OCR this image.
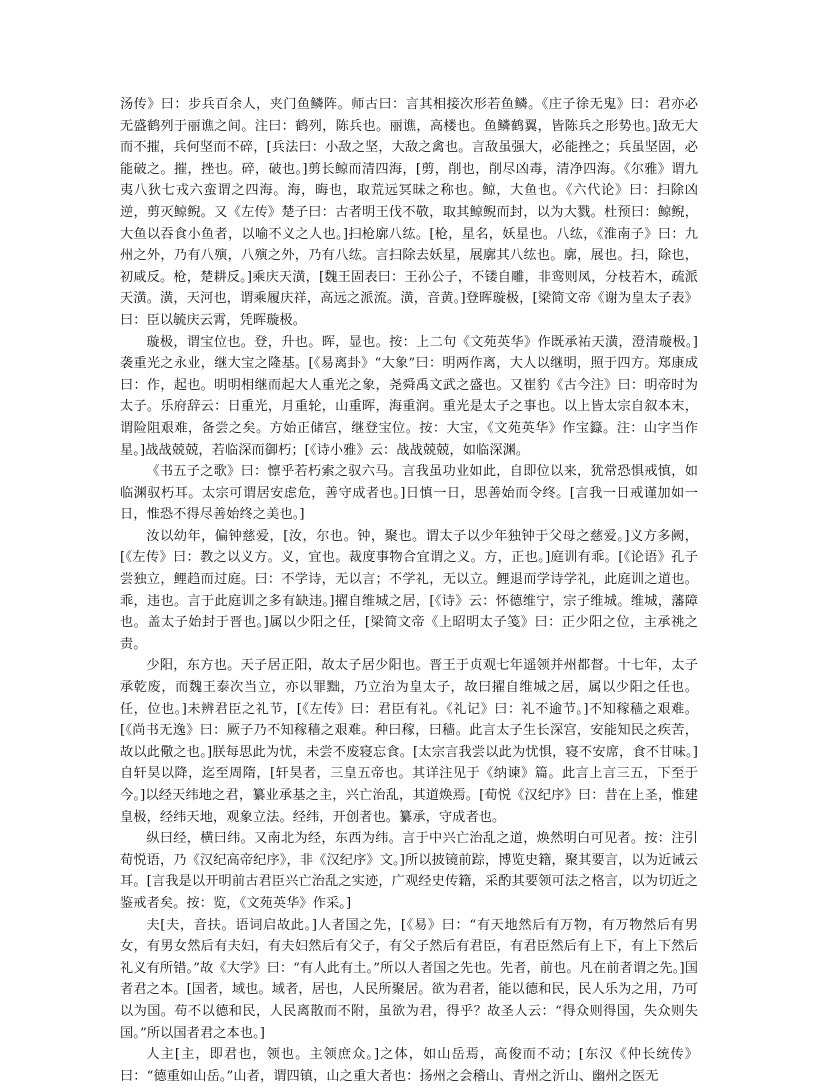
汤传》曰：步兵百余人，夹门鱼鳞阵。师古曰：言其相接次形若鱼鳞。《庄子徐无鬼》曰：君亦必无盛鹤列于丽谯之间。注曰：鹤列，陈兵也。丽谯，高楼也。鱼鳞鹤翼，皆陈兵之形势也。]敌无大而不摧，兵何坚而不碎，[兵法曰：小敌之坚，大敌之禽也。言敌虽强大，必能挫之；兵虽坚固，必能破之。摧，挫也。碎，破也。]剪长鲸而清四海，[剪，削也，削尽凶毒，清净四海。《尔雅》谓九夷八狄七戎六蛮谓之四海。海，晦也，取荒远冥昧之称也。鲸，大鱼也。《六代论》曰：扫除凶逆，剪灭鲸鲵。又《左传》楚子曰：古者明王伐不敬，取其鲸鲵而封，以为大戮。杜预曰：鲸鲵，大鱼以吞食小鱼者，以喻不义之人也。]扫枪廓八纮。[枪，星名，妖星也。八纮，《淮南子》曰：九州之外，乃有八殥，八殥之外，乃有八纮。言扫除去妖星，展廓其八纮也。廓，展也。扫，除也，初咸反。枪，楚耕反。]乘庆天潢，[魏王固表曰：王孙公子，不镂自雕，非鸾则凤，分枝若木，疏派天潢。潢，天河也，谓乘履庆祥，高远之派流。潢，音黄。]登晖璇极，[梁简文帝《谢为皇太子表》曰：臣以毓庆云霄，凭晖璇极。

璇极，谓宝位也。登，升也。晖，显也。按：上二句《文苑英华》作既承祐天潢，澄清璇极。]袭重光之永业，继大宝之隆基。[《易离卦》“大象”曰：明两作离，大人以继明，照于四方。郑康成曰：作，起也。明明相继而起大人重光之象，尧舜禹文武之盛也。又崔豹《古今注》曰：明帝时为太子。乐府辞云：日重光，月重轮，山重晖，海重润。重光是太子之事也。以上皆太宗自叙本末，谓险阻艰难，备尝之矣。方始正储宫，继登宝位。按：大宝，《文苑英华》作宝籙。注：山字当作星。]战战兢兢，若临深而御朽；[《诗小雅》云：战战兢兢，如临深渊。

《书五子之歌》曰：懔乎若朽索之驭六马。言我虽功业如此，自即位以来，犹常恐惧戒慎，如临渊驭朽耳。太宗可谓居安虑危，善守成者也。]日慎一日，思善始而令终。[言我一日戒谨加如一日，惟恐不得尽善始终之美也。]

汝以幼年，偏钟慈爱，[汝，尔也。钟，聚也。谓太子以少年独钟于父母之慈爱。]义方多阙，[《左传》曰：教之以义方。义，宜也。裁度事物合宜谓之义。方，正也。]庭训有乖。[《论语》孔子尝独立，鲤趋而过庭。曰：不学诗，无以言；不学礼，无以立。鲤退而学诗学礼，此庭训之道也。乖，违也。言于此庭训之多有缺违。]擢自维城之居，[《诗》云：怀德维宁，宗子维城。维城，藩障也。盖太子始封于晋也。]属以少阳之任，[梁简文帝《上昭明太子笺》曰：正少阳之位，主承祧之责。

少阳，东方也。天子居正阳，故太子居少阳也。晋王于贞观七年遥领并州都督。十七年，太子承乾废，而魏王泰次当立，亦以罪黜，乃立治为皇太子，故曰擢自维城之居，属以少阳之任也。任，位也。]未辨君臣之礼节，[《左传》曰：君臣有礼。《礼记》曰：礼不逾节。]不知稼穑之艰难。[《尚书无逸》曰：厥子乃不知稼穑之艰难。种曰稼，曰穑。此言太子生长深宫，安能知民之疾苦，故以此儆之也。]朕每思此为忧，未尝不废寝忘食。[太宗言我尝以此为忧惧，寝不安席，食不甘味。]自轩昊以降，迄至周隋，[轩昊者，三皇五帝也。其详注见于《纳谏》篇。此言上言三五，下至于今。]以经天纬地之君，纂业承基之主，兴亡治乱，其道焕焉。[荀悦《汉纪序》曰：昔在上圣，惟建皇极，经纬天地，观象立法。经纬，开创者也。纂承，守成者也。

纵曰经，横曰纬。又南北为经，东西为纬。言于中兴亡治乱之道，焕然明白可见者。按：注引荀悦语，乃《汉纪高帝纪序》，非《汉纪序》文。]所以披镜前踪，博览史籍，聚其要言，以为近诫云耳。[言我是以开明前古君臣兴亡治乱之实迹，广观经史传籍，采酌其要领可法之格言，以为切近之鉴戒者矣。按：览，《文苑英华》作采。]

夫[夫，音扶。语词启故此。]人者国之先，[《易》曰：“有天地然后有万物，有万物然后有男女，有男女然后有夫妇，有夫妇然后有父子，有父子然后有君臣，有君臣然后有上下，有上下然后礼义有所错。”故《大学》曰：“有人此有土。”所以人者国之先也。先者，前也。凡在前者谓之先。]国者君之本。[国者，域也。域者，居也，人民所聚居。欲为君者，能以德和民，民人乐为之用，乃可以为国。苟不以德和民，人民离散而不附，虽欲为君，得乎？故圣人云：“得众则得国，失众则失国。”所以国者君之本也。]

人主[主，即君也，领也。主领庶众。]之体，如山岳焉，高俊而不动；[东汉《仲长统传》曰：“德重如山岳。”山者，谓四镇，山之重大者也：扬州之会稽山、青州之沂山、幽州之医无
